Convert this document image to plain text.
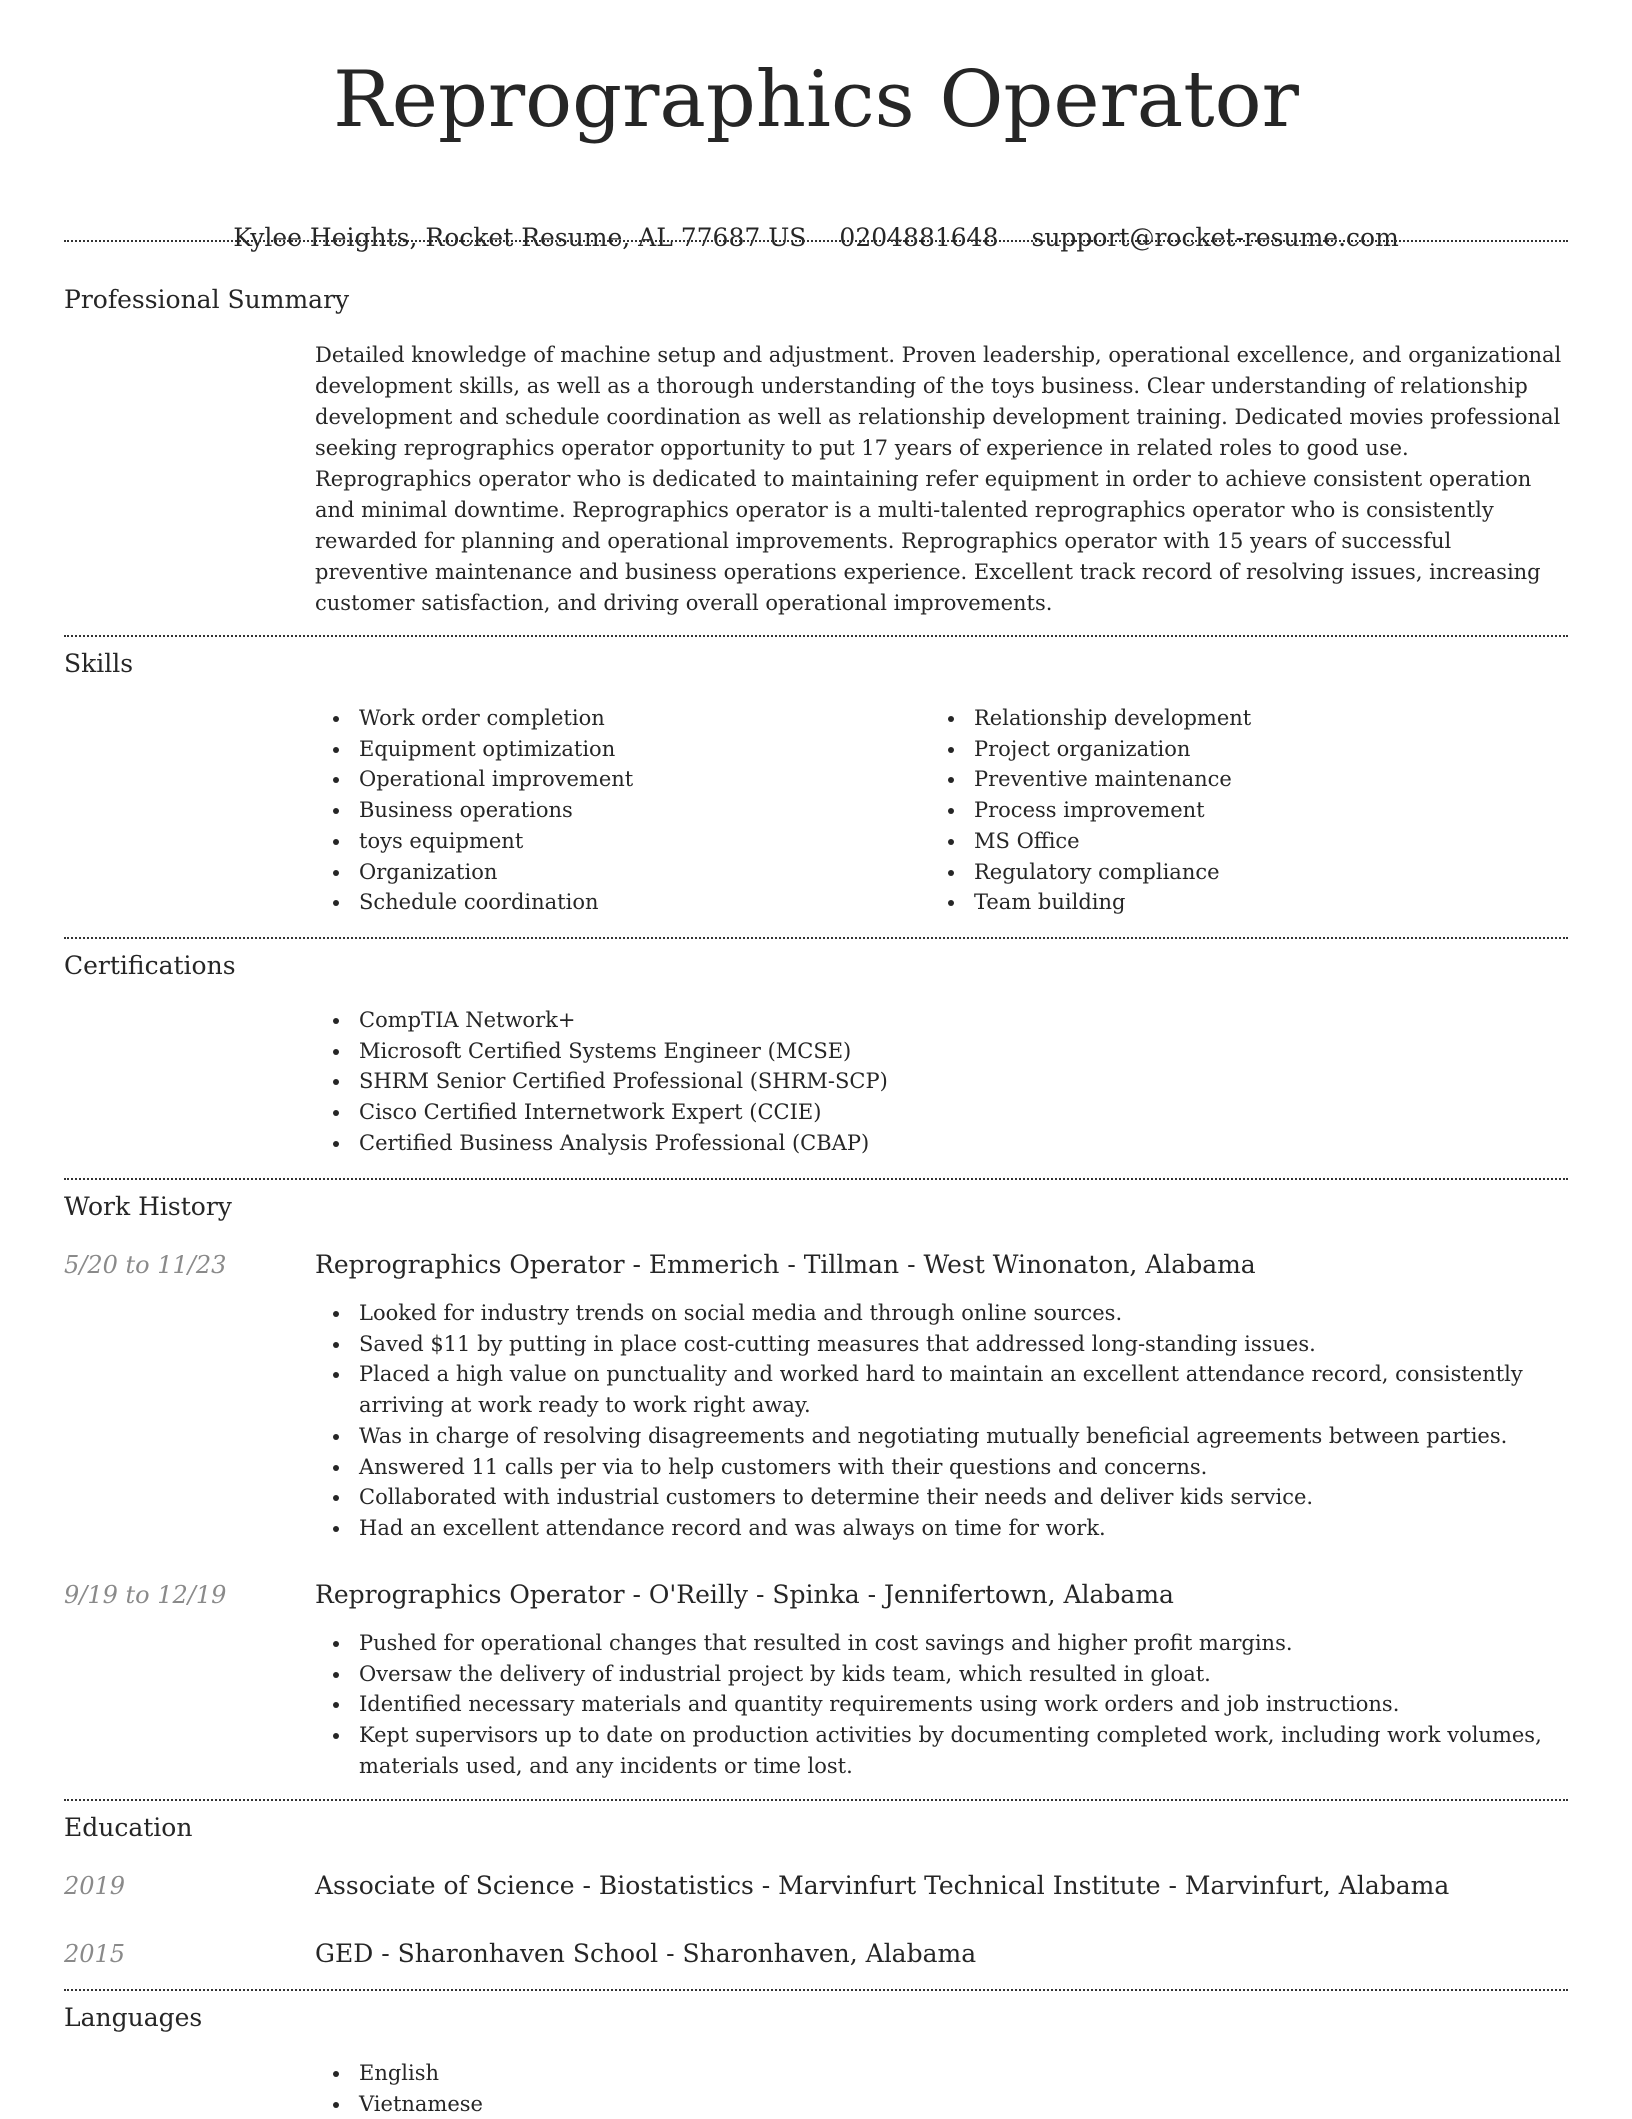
Reprographics Operator
Kylee Heights, Rocket Resume, AL 77687 US 0204881648 support@rocket-resume.com
Professional Summary

Detailed knowledge of machine setup and adjustment. Proven leadership, operational excellence, and organizational development skills, as well as a thorough understanding of the toys business. Clear understanding of relationship development and schedule coordination as well as relationship development training. Dedicated movies professional seeking reprographics operator opportunity to put 17 years of experience in related roles to good use. Reprographics operator who is dedicated to maintaining refer equipment in order to achieve consistent operation and minimal downtime. Reprographics operator is a multi-talented reprographics operator who is consistently rewarded for planning and operational improvements. Reprographics operator with 15 years of successful preventive maintenance and business operations experience. Excellent track record of resolving issues, increasing customer satisfaction, and driving overall operational improvements.

Skills
Work order completion
Equipment optimization
Operational improvement
Business operations
toys equipment
Organization
Schedule coordination
Relationship development
Project organization
Preventive maintenance
Process improvement
MS Office
Regulatory compliance
Team building
Certifications
CompTIA Network+
Microsoft Certified Systems Engineer (MCSE)
SHRM Senior Certified Professional (SHRM-SCP)
Cisco Certified Internetwork Expert (CCIE)
Certified Business Analysis Professional (CBAP)
Work History
5/20 to 11/23	Reprographics Operator - Emmerich - Tillman - West Winonaton, Alabama
Looked for industry trends on social media and through online sources.
Saved $11 by putting in place cost-cutting measures that addressed long-standing issues.
Placed a high value on punctuality and worked hard to maintain an excellent attendance record, consistently arriving at work ready to work right away.
Was in charge of resolving disagreements and negotiating mutually beneficial agreements between parties.
Answered 11 calls per via to help customers with their questions and concerns.
Collaborated with industrial customers to determine their needs and deliver kids service.
Had an excellent attendance record and was always on time for work.
9/19 to 12/19	Reprographics Operator - O'Reilly - Spinka - Jennifertown, Alabama
Pushed for operational changes that resulted in cost savings and higher profit margins.
Oversaw the delivery of industrial project by kids team, which resulted in gloat.
Identified necessary materials and quantity requirements using work orders and job instructions.
Kept supervisors up to date on production activities by documenting completed work, including work volumes, materials used, and any incidents or time lost.
Education
2019	Associate of Science - Biostatistics - Marvinfurt Technical Institute - Marvinfurt, Alabama
2015	GED - Sharonhaven School - Sharonhaven, Alabama
Languages
English
Vietnamese
